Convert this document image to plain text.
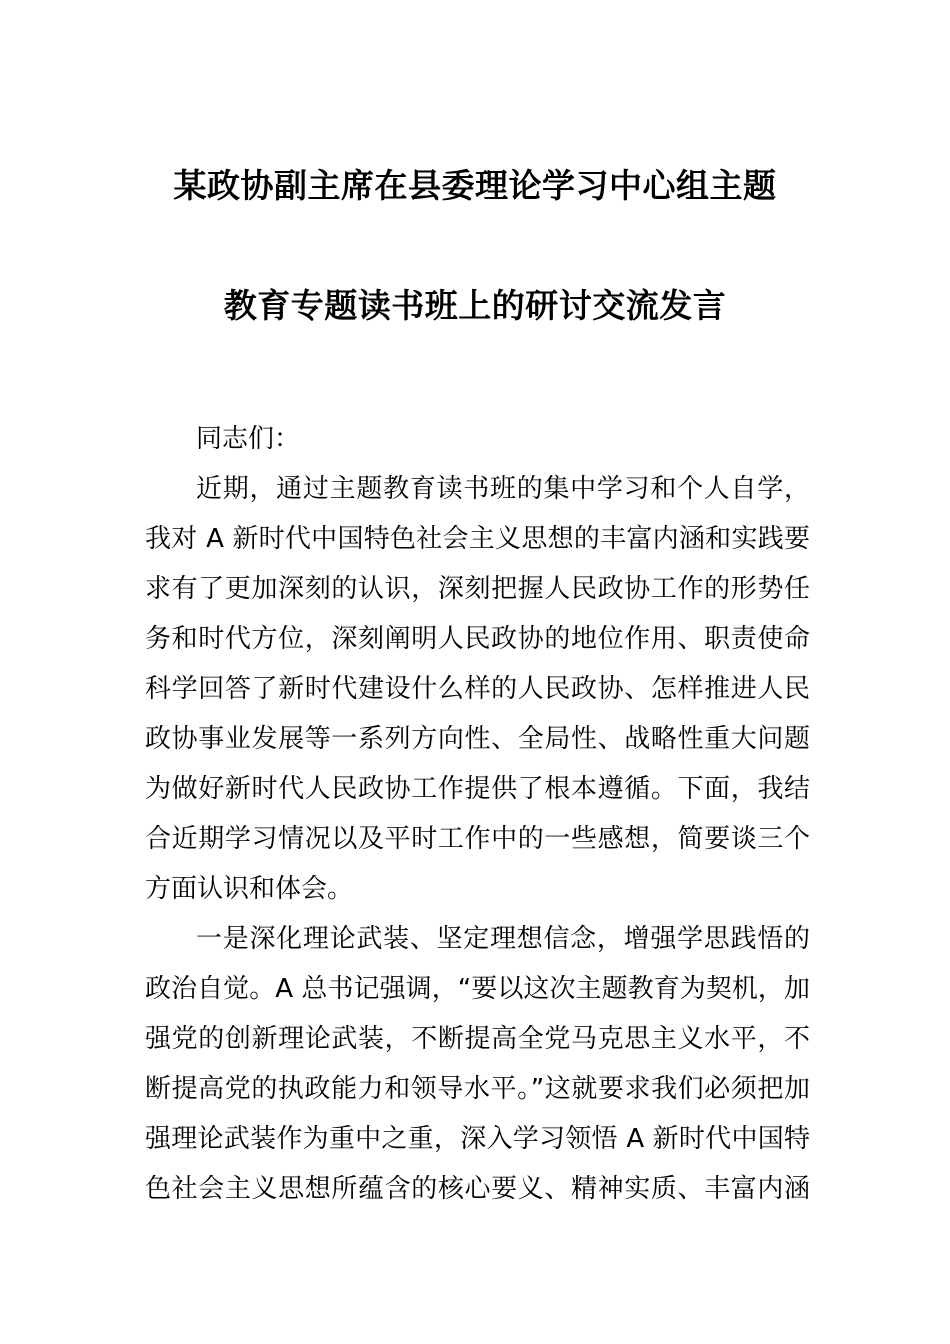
某政协副主席在县委理论学习中心组主题
教育专题读书班上的研讨交流发言
同志们：
近期，通过主题教育读书班的集中学习和个人自学，
我对 A 新时代中国特色社会主义思想的丰富内涵和实践要
求有了更加深刻的认识，深刻把握人民政协工作的形势任
务和时代方位，深刻阐明人民政协的地位作用、职责使命
科学回答了新时代建设什么样的人民政协、怎样推进人民
政协事业发展等一系列方向性、全局性、战略性重大问题
为做好新时代人民政协工作提供了根本遵循。下面，我结
合近期学习情况以及平时工作中的一些感想，简要谈三个
方面认识和体会。
一是深化理论武装、坚定理想信念，增强学思践悟的
政治自觉。A 总书记强调，“要以这次主题教育为契机，加
强党的创新理论武装，不断提高全党马克思主义水平，不
断提高党的执政能力和领导水平。”这就要求我们必须把加
强理论武装作为重中之重，深入学习领悟 A 新时代中国特
色社会主义思想所蕴含的核心要义、精神实质、丰富内涵
